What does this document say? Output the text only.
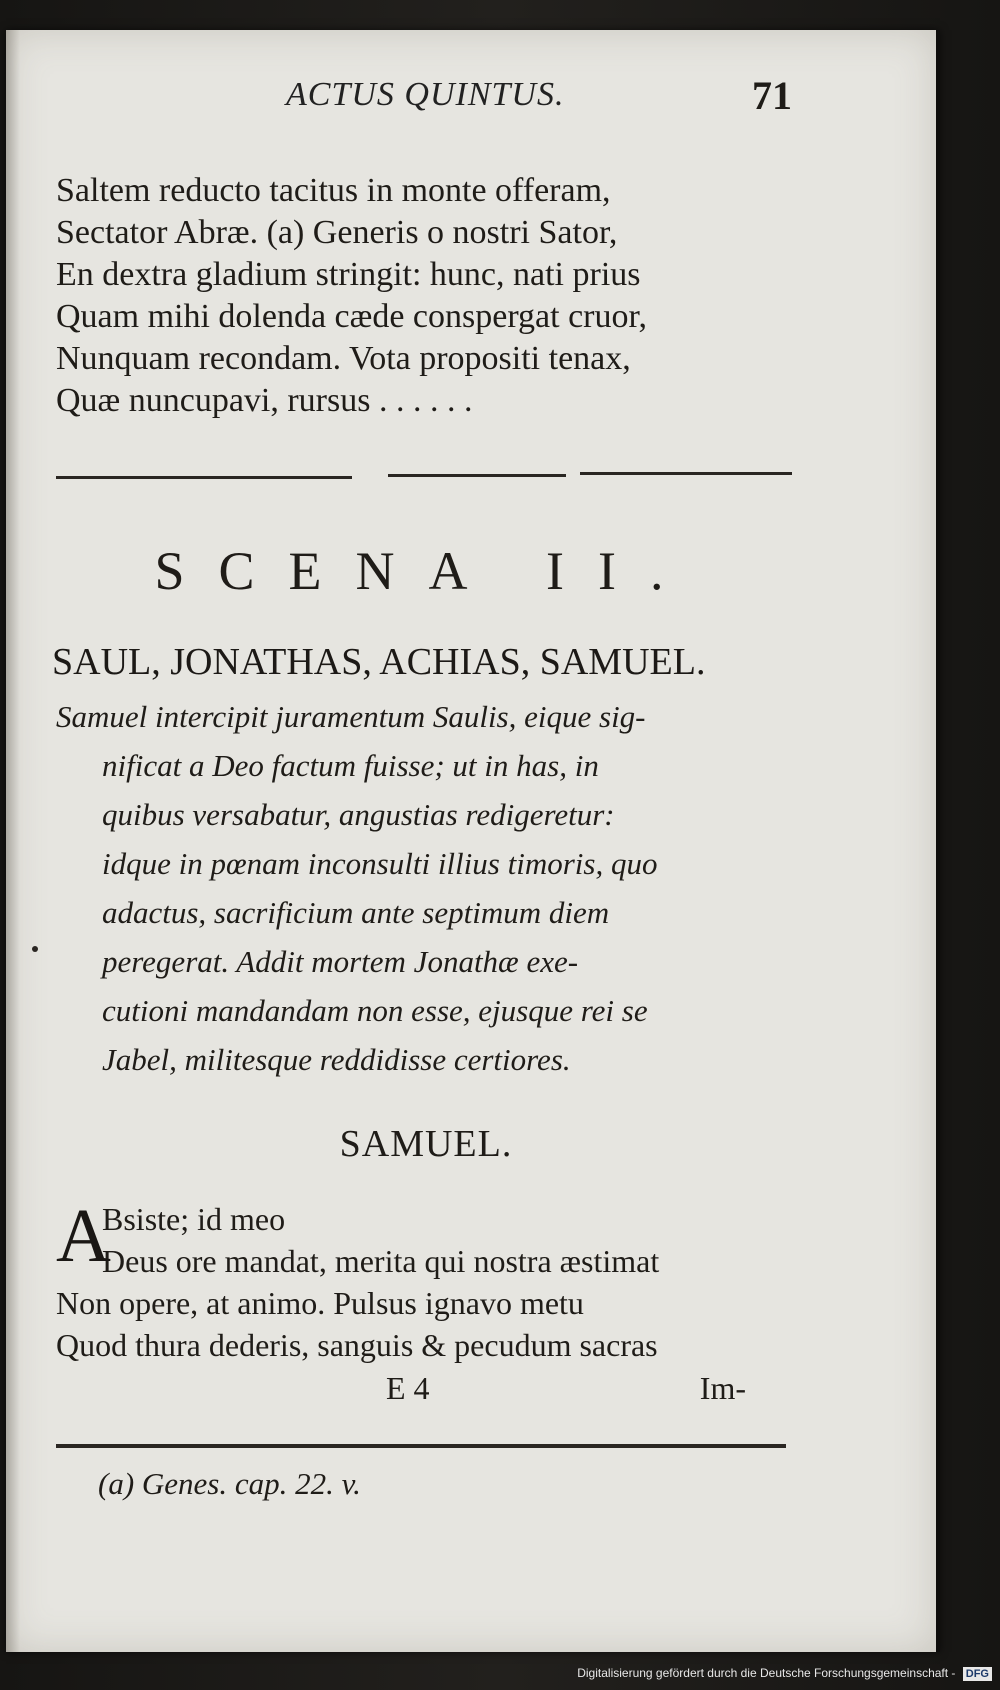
ACTUS QUINTUS.	71
Saltem reducto tacitus in monte offeram,
Sectator Abræ. (a) Generis o nostri Sator,
En dextra gladium stringit: hunc, nati prius
Quam mihi dolenda cæde conspergat cruor,
Nunquam recondam. Vota propositi tenax,
Quæ nuncupavi, rursus . . . . . .
SCENA II.
SAUL, JONATHAS, ACHIAS, SAMUEL.
Samuel intercipit juramentum Saulis, eique sig-
nificat a Deo factum fuisse; ut in has, in
quibus versabatur, angustias redigeretur:
idque in pœnam inconsulti illius timoris, quo
adactus, sacrificium ante septimum diem
peregerat. Addit mortem Jonathæ exe-
cutioni mandandam non esse, ejusque rei se
Jabel, militesque reddidisse certiores.
SAMUEL.
A
Bsiste; id meo
Deus ore mandat, merita qui nostra æstimat
Non opere, at animo. Pulsus ignavo metu
Quod thura dederis, sanguis & pecudum sacras
E 4	Im-
(a) Genes. cap. 22. v.
Digitalisierung gefördert durch die Deutsche Forschungsgemeinschaft - DFG
